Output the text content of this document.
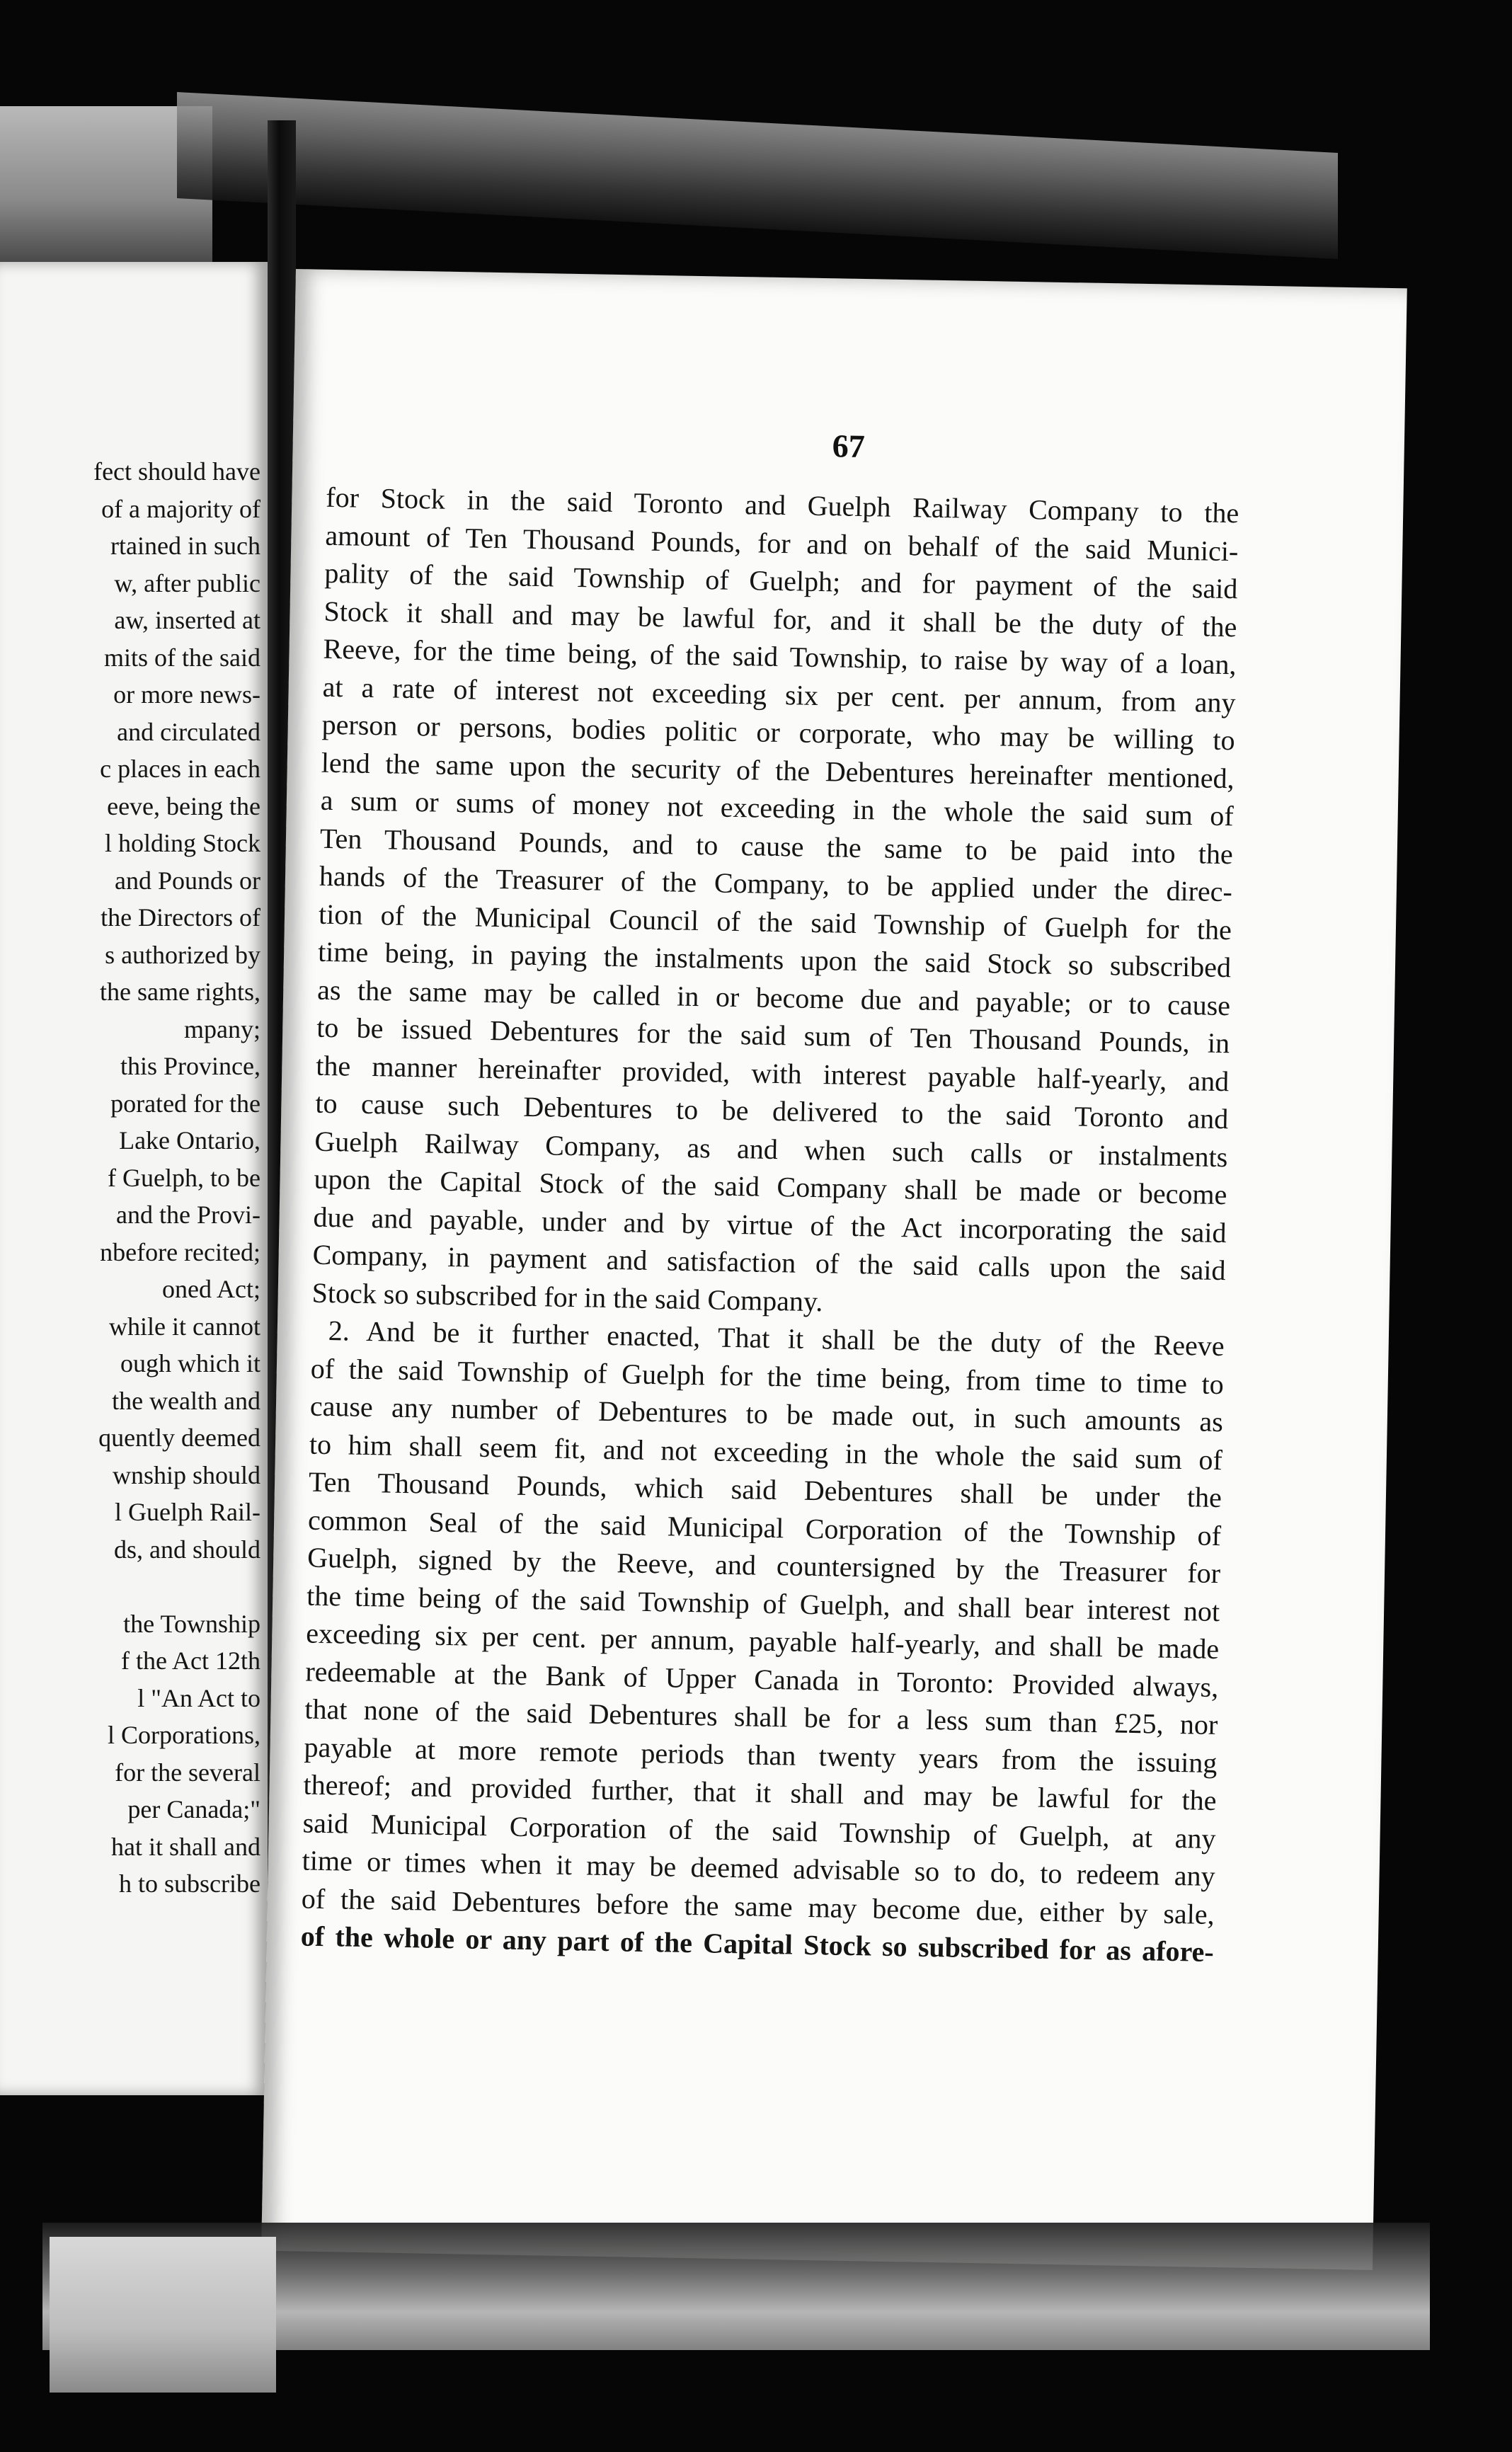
fect should have
of a majority of
rtained in such
w, after public
aw, inserted at
mits of the said
or more news-
and circulated
c places in each
eeve, being the
l holding Stock
and Pounds or
the Directors of
s authorized by
the same rights,
mpany;
this Province,
porated for the
Lake Ontario,
f Guelph, to be
and the Provi-
nbefore recited;
oned Act;
while it cannot
ough which it
the wealth and
quently deemed
wnship should
l Guelph Rail-
ds, and should
the Township
f the Act 12th
l "An Act to
l Corporations,
for the several
per Canada;"
hat it shall and
h to subscribe
67
for Stock in the said Toronto and Guelph Railway Company to the
amount of Ten Thousand Pounds, for and on behalf of the said Munici-
pality of the said Township of Guelph; and for payment of the said
Stock it shall and may be lawful for, and it shall be the duty of the
Reeve, for the time being, of the said Township, to raise by way of a loan,
at a rate of interest not exceeding six per cent. per annum, from any
person or persons, bodies politic or corporate, who may be willing to
lend the same upon the security of the Debentures hereinafter mentioned,
a sum or sums of money not exceeding in the whole the said sum of
Ten Thousand Pounds, and to cause the same to be paid into the
hands of the Treasurer of the Company, to be applied under the direc-
tion of the Municipal Council of the said Township of Guelph for the
time being, in paying the instalments upon the said Stock so subscribed
as the same may be called in or become due and payable; or to cause
to be issued Debentures for the said sum of Ten Thousand Pounds, in
the manner hereinafter provided, with interest payable half-yearly, and
to cause such Debentures to be delivered to the said Toronto and
Guelph Railway Company, as and when such calls or instalments
upon the Capital Stock of the said Company shall be made or become
due and payable, under and by virtue of the Act incorporating the said
Company, in payment and satisfaction of the said calls upon the said
Stock so subscribed for in the said Company.
2. And be it further enacted, That it shall be the duty of the Reeve
of the said Township of Guelph for the time being, from time to time to
cause any number of Debentures to be made out, in such amounts as
to him shall seem fit, and not exceeding in the whole the said sum of
Ten Thousand Pounds, which said Debentures shall be under the
common Seal of the said Municipal Corporation of the Township of
Guelph, signed by the Reeve, and countersigned by the Treasurer for
the time being of the said Township of Guelph, and shall bear interest not
exceeding six per cent. per annum, payable half-yearly, and shall be made
redeemable at the Bank of Upper Canada in Toronto: Provided always,
that none of the said Debentures shall be for a less sum than £25, nor
payable at more remote periods than twenty years from the issuing
thereof; and provided further, that it shall and may be lawful for the
said Municipal Corporation of the said Township of Guelph, at any
time or times when it may be deemed advisable so to do, to redeem any
of the said Debentures before the same may become due, either by sale,
of the whole or any part of the Capital Stock so subscribed for as afore-
